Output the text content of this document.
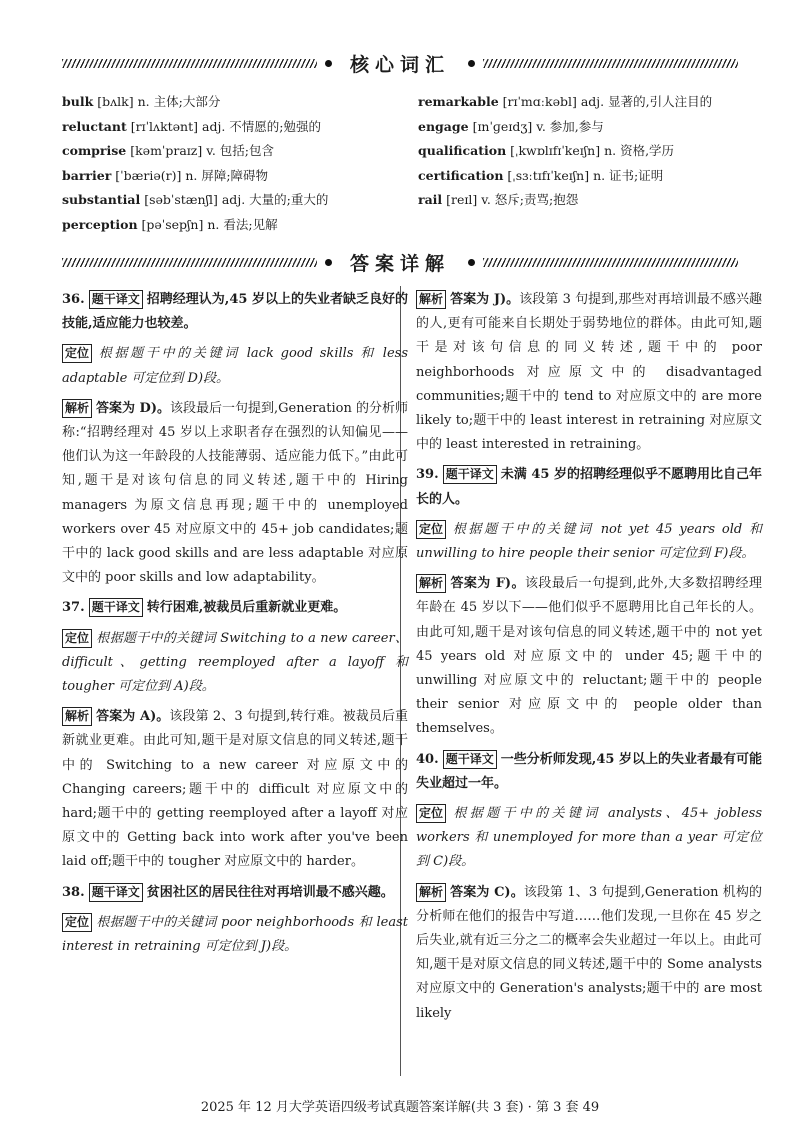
核心词汇
bulk [bʌlk] n. 主体;大部分
reluctant [rɪˈlʌktənt] adj. 不情愿的;勉强的
comprise [kəmˈpraɪz] v. 包括;包含
barrier [ˈbæriə(r)] n. 屏障;障碍物
substantial [səbˈstænʃl] adj. 大量的;重大的
perception [pəˈsepʃn] n. 看法;见解
remarkable [rɪˈmɑːkəbl] adj. 显著的,引人注目的
engage [ɪnˈɡeɪdʒ] v. 参加,参与
qualification [ˌkwɒlɪfɪˈkeɪʃn] n. 资格,学历
certification [ˌsɜːtɪfɪˈkeɪʃn] n. 证书;证明
rail [reɪl] v. 怒斥;责骂;抱怨
答案详解

36. 题干译文 招聘经理认为,45 岁以上的失业者缺乏良好的技能,适应能力也较差。

定位 根据题干中的关键词 lack good skills 和 less adaptable 可定位到 D)段。

解析 答案为 D)。该段最后一句提到,Generation 的分析师称:“招聘经理对 45 岁以上求职者存在强烈的认知偏见——他们认为这一年龄段的人技能薄弱、适应能力低下。”由此可知,题干是对该句信息的同义转述,题干中的 Hiring managers 为原文信息再现;题干中的 unemployed workers over 45 对应原文中的 45+ job candidates;题干中的 lack good skills and are less adaptable 对应原文中的 poor skills and low adaptability。

37. 题干译文 转行困难,被裁员后重新就业更难。

定位 根据题干中的关键词 Switching to a new career、difficult、getting reemployed after a layoff 和 tougher 可定位到 A)段。

解析 答案为 A)。该段第 2、3 句提到,转行难。被裁员后重新就业更难。由此可知,题干是对原文信息的同义转述,题干中的 Switching to a new career 对应原文中的 Changing careers;题干中的 difficult 对应原文中的 hard;题干中的 getting reemployed after a layoff 对应原文中的 Getting back into work after you've been laid off;题干中的 tougher 对应原文中的 harder。

38. 题干译文 贫困社区的居民往往对再培训最不感兴趣。

定位 根据题干中的关键词 poor neighborhoods 和 least interest in retraining 可定位到 J)段。

解析 答案为 J)。该段第 3 句提到,那些对再培训最不感兴趣的人,更有可能来自长期处于弱势地位的群体。由此可知,题干是对该句信息的同义转述,题干中的 poor neighborhoods 对应原文中的 disadvantaged communities;题干中的 tend to 对应原文中的 are more likely to;题干中的 least interest in retraining 对应原文中的 least interested in retraining。

39. 题干译文 未满 45 岁的招聘经理似乎不愿聘用比自己年长的人。

定位 根据题干中的关键词 not yet 45 years old 和 unwilling to hire people their senior 可定位到 F)段。

解析 答案为 F)。该段最后一句提到,此外,大多数招聘经理年龄在 45 岁以下——他们似乎不愿聘用比自己年长的人。由此可知,题干是对该句信息的同义转述,题干中的 not yet 45 years old 对应原文中的 under 45;题干中的 unwilling 对应原文中的 reluctant;题干中的 people their senior 对应原文中的 people older than themselves。

40. 题干译文 一些分析师发现,45 岁以上的失业者最有可能失业超过一年。

定位 根据题干中的关键词 analysts、45+ jobless workers 和 unemployed for more than a year 可定位到 C)段。

解析 答案为 C)。该段第 1、3 句提到,Generation 机构的分析师在他们的报告中写道……他们发现,一旦你在 45 岁之后失业,就有近三分之二的概率会失业超过一年以上。由此可知,题干是对原文信息的同义转述,题干中的 Some analysts 对应原文中的 Generation's analysts;题干中的 are most likely

2025 年 12 月大学英语四级考试真题答案详解(共 3 套) · 第 3 套 49
